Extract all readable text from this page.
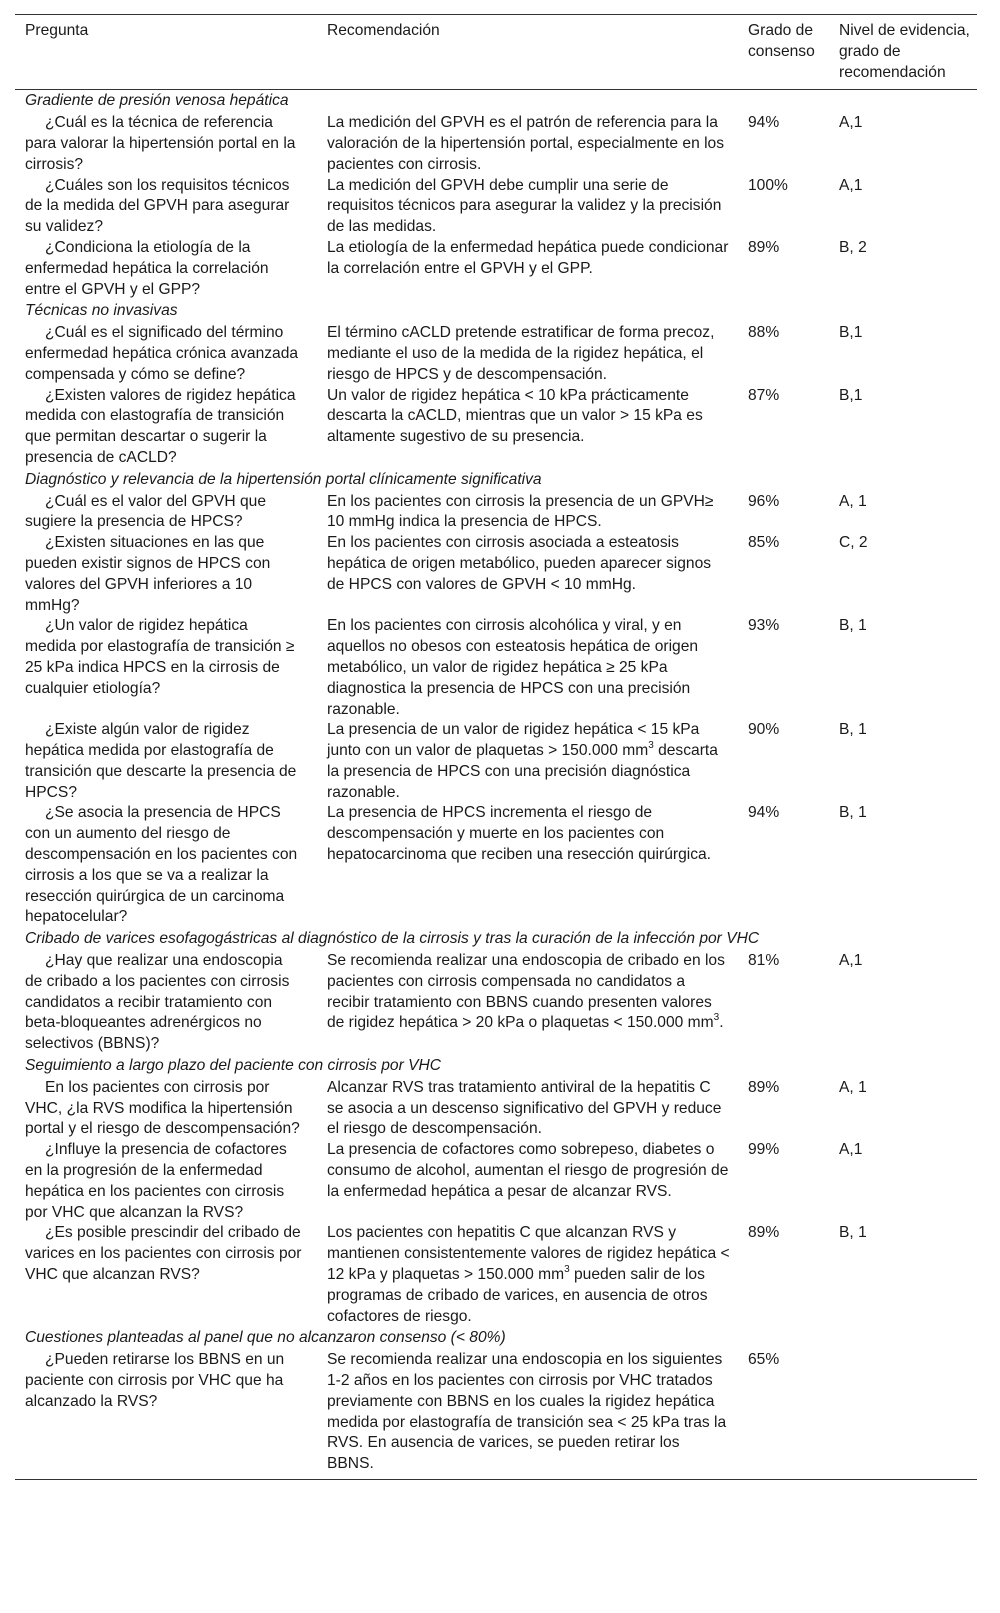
Pregunta	Recomendación	Grado de consenso	Nivel de evidencia, grado de recomendación
Gradiente de presión venosa hepática			
¿Cuál es la técnica de referencia para valorar la hipertensión portal en la cirrosis?	La medición del GPVH es el patrón de referencia para la valoración de la hipertensión portal, especialmente en los pacientes con cirrosis.	94%	A,1
¿Cuáles son los requisitos técnicos de la medida del GPVH para asegurar su validez?	La medición del GPVH debe cumplir una serie de requisitos técnicos para asegurar la validez y la precisión de las medidas.	100%	A,1
¿Condiciona la etiología de la enfermedad hepática la correlación entre el GPVH y el GPP?	La etiología de la enfermedad hepática puede condicionar la correlación entre el GPVH y el GPP.	89%	B, 2
Técnicas no invasivas			
¿Cuál es el significado del término enfermedad hepática crónica avanzada compensada y cómo se define?	El término cACLD pretende estratificar de forma precoz, mediante el uso de la medida de la rigidez hepática, el riesgo de HPCS y de descompensación.	88%	B,1
¿Existen valores de rigidez hepática medida con elastografía de transición que permitan descartar o sugerir la presencia de cACLD?	Un valor de rigidez hepática < 10 kPa prácticamente descarta la cACLD, mientras que un valor > 15 kPa es altamente sugestivo de su presencia.	87%	B,1
Diagnóstico y relevancia de la hipertensión portal clínicamente significativa			
¿Cuál es el valor del GPVH que sugiere la presencia de HPCS?	En los pacientes con cirrosis la presencia de un GPVH≥ 10 mmHg indica la presencia de HPCS.	96%	A, 1
¿Existen situaciones en las que pueden existir signos de HPCS con valores del GPVH inferiores a 10 mmHg?	En los pacientes con cirrosis asociada a esteatosis hepática de origen metabólico, pueden aparecer signos de HPCS con valores de GPVH < 10 mmHg.	85%	C, 2
¿Un valor de rigidez hepática medida por elastografía de transición ≥ 25 kPa indica HPCS en la cirrosis de cualquier etiología?	En los pacientes con cirrosis alcohólica y viral, y en aquellos no obesos con esteatosis hepática de origen metabólico, un valor de rigidez hepática ≥ 25 kPa diagnostica la presencia de HPCS con una precisión razonable.	93%	B, 1
¿Existe algún valor de rigidez hepática medida por elastografía de transición que descarte la presencia de HPCS?	La presencia de un valor de rigidez hepática < 15 kPa junto con un valor de plaquetas > 150.000 $mm^3$ descarta la presencia de HPCS con una precisión diagnóstica razonable.	90%	B, 1
¿Se asocia la presencia de HPCS con un aumento del riesgo de descompensación en los pacientes con cirrosis a los que se va a realizar la resección quirúrgica de un carcinoma hepatocelular?	La presencia de HPCS incrementa el riesgo de descompensación y muerte en los pacientes con hepatocarcinoma que reciben una resección quirúrgica.	94%	B, 1
Cribado de varices esofagogástricas al diagnóstico de la cirrosis y tras la curación de la infección por VHC			
¿Hay que realizar una endoscopia de cribado a los pacientes con cirrosis candidatos a recibir tratamiento con beta-bloqueantes adrenérgicos no selectivos (BBNS)?	Se recomienda realizar una endoscopia de cribado en los pacientes con cirrosis compensada no candidatos a recibir tratamiento con BBNS cuando presenten valores de rigidez hepática > 20 kPa o plaquetas < 150.000 $mm^3$.	81%	A,1
Seguimiento a largo plazo del paciente con cirrosis por VHC			
En los pacientes con cirrosis por VHC, ¿la RVS modifica la hipertensión portal y el riesgo de descompensación?	Alcanzar RVS tras tratamiento antiviral de la hepatitis C se asocia a un descenso significativo del GPVH y reduce el riesgo de descompensación.	89%	A, 1
¿Influye la presencia de cofactores en la progresión de la enfermedad hepática en los pacientes con cirrosis por VHC que alcanzan la RVS?	La presencia de cofactores como sobrepeso, diabetes o consumo de alcohol, aumentan el riesgo de progresión de la enfermedad hepática a pesar de alcanzar RVS.	99%	A,1
¿Es posible prescindir del cribado de varices en los pacientes con cirrosis por VHC que alcanzan RVS?	Los pacientes con hepatitis C que alcanzan RVS y mantienen consistentemente valores de rigidez hepática < 12 kPa y plaquetas > 150.000 $mm^3$ pueden salir de los programas de cribado de varices, en ausencia de otros cofactores de riesgo.	89%	B, 1
Cuestiones planteadas al panel que no alcanzaron consenso (< 80%)			
¿Pueden retirarse los BBNS en un paciente con cirrosis por VHC que ha alcanzado la RVS?	Se recomienda realizar una endoscopia en los siguientes 1-2 años en los pacientes con cirrosis por VHC tratados previamente con BBNS en los cuales la rigidez hepática medida por elastografía de transición sea < 25 kPa tras la RVS. En ausencia de varices, se pueden retirar los BBNS.	65%	
